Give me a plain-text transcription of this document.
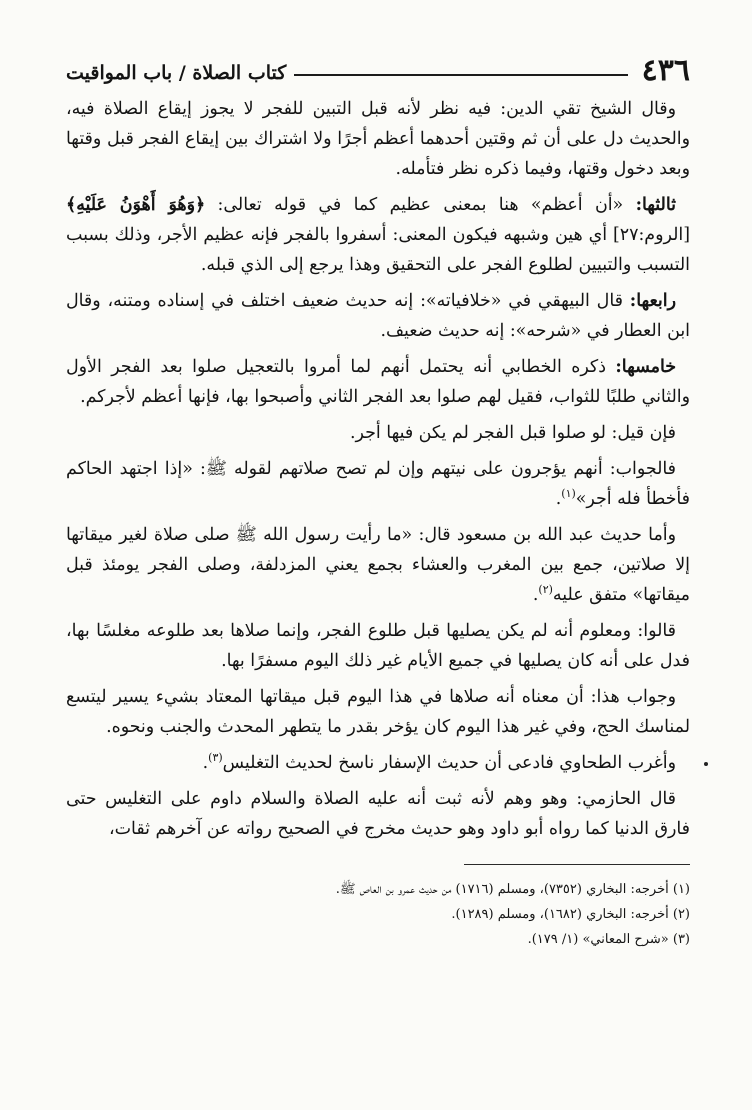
٤٣٦
كتاب الصلاة / باب المواقيت

وقال الشيخ تقي الدين: فيه نظر لأنه قبل التبين للفجر لا يجوز إيقاع الصلاة فيه، والحديث دل على أن ثم وقتين أحدهما أعظم أجرًا ولا اشتراك بين إيقاع الفجر قبل وقتها وبعد دخول وقتها، وفيما ذكره نظر فتأمله.

ثالثها: «أن أعظم» هنا بمعنى عظيم كما في قوله تعالى: ﴿وَهُوَ أَهْوَنُ عَلَيْهِ﴾ [الروم:٢٧] أي هين وشبهه فيكون المعنى: أسفروا بالفجر فإنه عظيم الأجر، وذلك بسبب التسبب والتبيين لطلوع الفجر على التحقيق وهذا يرجع إلى الذي قبله.

رابعها: قال البيهقي في «خلافياته»: إنه حديث ضعيف اختلف في إسناده ومتنه، وقال ابن العطار في «شرحه»: إنه حديث ضعيف.

خامسها: ذكره الخطابي أنه يحتمل أنهم لما أمروا بالتعجيل صلوا بعد الفجر الأول والثاني طلبًا للثواب، فقيل لهم صلوا بعد الفجر الثاني وأصبحوا بها، فإنها أعظم لأجركم.

فإن قيل: لو صلوا قبل الفجر لم يكن فيها أجر.

فالجواب: أنهم يؤجرون على نيتهم وإن لم تصح صلاتهم لقوله ﷺ: «إذا اجتهد الحاكم فأخطأ فله أجر»$^{(١)}$.

وأما حديث عبد الله بن مسعود قال: «ما رأيت رسول الله ﷺ صلى صلاة لغير ميقاتها إلا صلاتين، جمع بين المغرب والعشاء بجمع يعني المزدلفة، وصلى الفجر يومئذ قبل ميقاتها» متفق عليه$^{(٢)}$.

قالوا: ومعلوم أنه لم يكن يصليها قبل طلوع الفجر، وإنما صلاها بعد طلوعه مغلسًا بها، فدل على أنه كان يصليها في جميع الأيام غير ذلك اليوم مسفرًا بها.

وجواب هذا: أن معناه أنه صلاها في هذا اليوم قبل ميقاتها المعتاد بشيء يسير ليتسع لمناسك الحج، وفي غير هذا اليوم كان يؤخر بقدر ما يتطهر المحدث والجنب ونحوه.

وأغرب الطحاوي فادعى أن حديث الإسفار ناسخ لحديث التغليس$^{(٣)}$.

قال الحازمي: وهو وهم لأنه ثبت أنه عليه الصلاة والسلام داوم على التغليس حتى فارق الدنيا كما رواه أبو داود وهو حديث مخرج في الصحيح رواته عن آخرهم ثقات،

(١) أخرجه: البخاري (٧٣٥٢)، ومسلم (١٧١٦) من حديث عمرو بن العاص ﷺ.

(٢) أخرجه: البخاري (١٦٨٢)، ومسلم (١٢٨٩).

(٣) «شرح المعاني» (١/ ١٧٩).
